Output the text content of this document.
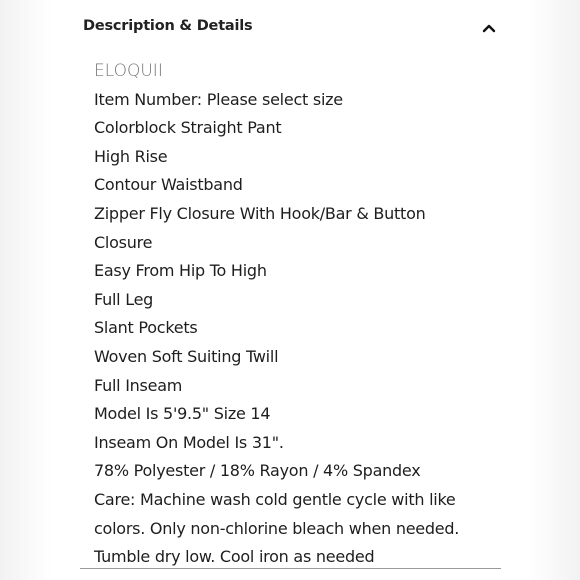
Description & Details
ELOQUII
Item Number: Please select size
Colorblock Straight Pant
High Rise
Contour Waistband
Zipper Fly Closure With Hook/Bar & Button
Closure
Easy From Hip To High
Full Leg
Slant Pockets
Woven Soft Suiting Twill
Full Inseam
Model Is 5'9.5" Size 14
Inseam On Model Is 31".
78% Polyester / 18% Rayon / 4% Spandex
Care: Machine wash cold gentle cycle with like
colors. Only non-chlorine bleach when needed.
Tumble dry low. Cool iron as needed
